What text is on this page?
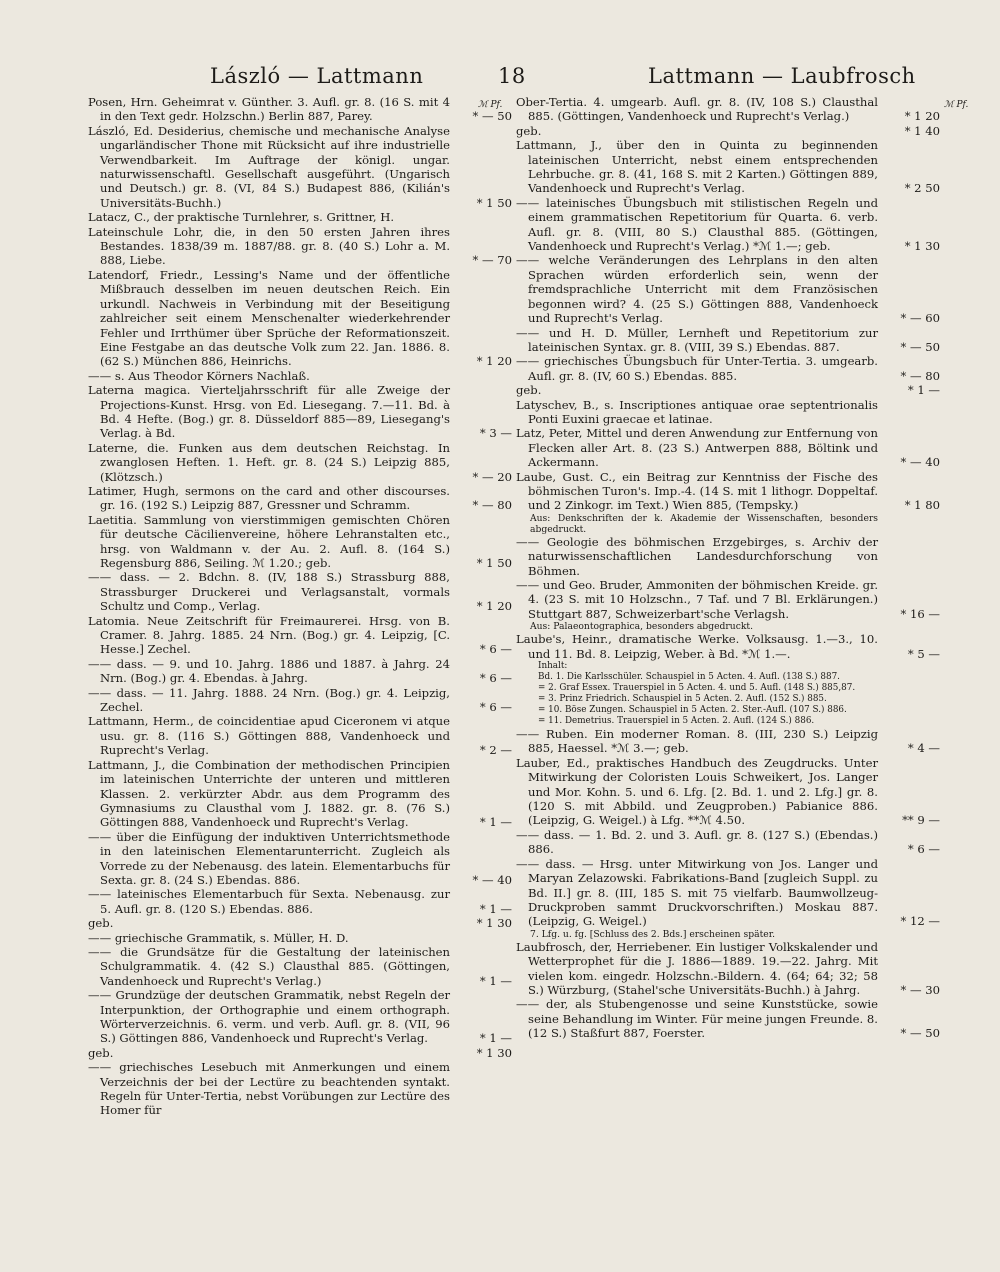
László — Lattmann	18	Lattmann — Laubfrosch
ℳ Pf.	ℳ Pf.
Posen, Hrn. Geheimrat v. Günther. 3. Aufl. gr. 8. (16 S. mit 4 in den Text gedr. Holzschn.) Berlin 887, Parey.	* — 50
Lászlό, Ed. Desiderius, chemische und mechanische Analyse ungarländischer Thone mit Rücksicht auf ihre industrielle Verwendbarkeit. Im Auftrage der königl. ungar. naturwissenschaftl. Gesellschaft ausgeführt. (Ungarisch und Deutsch.) gr. 8. (VI, 84 S.) Budapest 886, (Kilián's Universitäts-Buchh.)	* 1 50
Latacz, C., der praktische Turnlehrer, s. Grittner, H.
Lateinschule Lohr, die, in den 50 ersten Jahren ihres Bestandes. 1838/39 m. 1887/88. gr. 8. (40 S.) Lohr a. M. 888, Liebe.	* — 70
Latendorf, Friedr., Lessing's Name und der öffentliche Mißbrauch desselben im neuen deutschen Reich. Ein urkundl. Nachweis in Verbindung mit der Beseitigung zahlreicher seit einem Menschenalter wiederkehrender Fehler und Irrthümer über Sprüche der Reformationszeit. Eine Festgabe an das deutsche Volk zum 22. Jan. 1886. 8. (62 S.) München 886, Heinrichs.	* 1 20
—— s. Aus Theodor Körners Nachlaß.
Laterna magica. Vierteljahrsschrift für alle Zweige der Projections-Kunst. Hrsg. von Ed. Liesegang. 7.—11. Bd. à Bd. 4 Hefte. (Bog.) gr. 8. Düsseldorf 885—89, Liesegang's Verlag. à Bd.	* 3 —
Laterne, die. Funken aus dem deutschen Reichstag. In zwanglosen Heften. 1. Heft. gr. 8. (24 S.) Leipzig 885, (Klötzsch.)	* — 20
Latimer, Hugh, sermons on the card and other discourses. gr. 16. (192 S.) Leipzig 887, Gressner und Schramm.	* — 80
Laetitia. Sammlung von vierstimmigen gemischten Chören für deutsche Cäcilienvereine, höhere Lehranstalten etc., hrsg. von Waldmann v. der Au. 2. Aufl. 8. (164 S.) Regensburg 886, Seiling. ℳ 1.20.; geb.	* 1 50
—— dass. — 2. Bdchn. 8. (IV, 188 S.) Strassburg 888, Strassburger Druckerei und Verlagsanstalt, vormals Schultz und Comp., Verlag.	* 1 20
Latomia. Neue Zeitschrift für Freimaurerei. Hrsg. von B. Cramer. 8. Jahrg. 1885. 24 Nrn. (Bog.) gr. 4. Leipzig, [C. Hesse.] Zechel.	* 6 —
—— dass. — 9. und 10. Jahrg. 1886 und 1887. à Jahrg. 24 Nrn. (Bog.) gr. 4. Ebendas. à Jahrg.	* 6 —
—— dass. — 11. Jahrg. 1888. 24 Nrn. (Bog.) gr. 4. Leipzig, Zechel.	* 6 —
Lattmann, Herm., de coincidentiae apud Ciceronem vi atque usu. gr. 8. (116 S.) Göttingen 888, Vandenhoeck und Ruprecht's Verlag.	* 2 —
Lattmann, J., die Combination der methodischen Principien im lateinischen Unterrichte der unteren und mittleren Klassen. 2. verkürzter Abdr. aus dem Programm des Gymnasiums zu Clausthal vom J. 1882. gr. 8. (76 S.) Göttingen 888, Vandenhoeck und Ruprecht's Verlag.	* 1 —
—— über die Einfügung der induktiven Unterrichtsmethode in den lateinischen Elementarunterricht. Zugleich als Vorrede zu der Nebenausg. des latein. Elementarbuchs für Sexta. gr. 8. (24 S.) Ebendas. 886.	* — 40
—— lateinisches Elementarbuch für Sexta. Nebenausg. zur 5. Aufl. gr. 8. (120 S.) Ebendas. 886.	* 1 —
geb.	* 1 30
—— griechische Grammatik, s. Müller, H. D.
—— die Grundsätze für die Gestaltung der lateinischen Schulgrammatik. 4. (42 S.) Clausthal 885. (Göttingen, Vandenhoeck und Ruprecht's Verlag.)	* 1 —
—— Grundzüge der deutschen Grammatik, nebst Regeln der Interpunktion, der Orthographie und einem orthograph. Wörterverzeichnis. 6. verm. und verb. Aufl. gr. 8. (VII, 96 S.) Göttingen 886, Vandenhoeck und Ruprecht's Verlag.	* 1 —
geb.	* 1 30
—— griechisches Lesebuch mit Anmerkungen und einem Verzeichnis der bei der Lectüre zu beachtenden syntakt. Regeln für Unter-Tertia, nebst Vorübungen zur Lectüre des Homer für
Ober-Tertia. 4. umgearb. Aufl. gr. 8. (IV, 108 S.) Clausthal 885. (Göttingen, Vandenhoeck und Ruprecht's Verlag.)	* 1 20
geb.	* 1 40
Lattmann, J., über den in Quinta zu beginnenden lateinischen Unterricht, nebst einem entsprechenden Lehrbuche. gr. 8. (41, 168 S. mit 2 Karten.) Göttingen 889, Vandenhoeck und Ruprecht's Verlag.	* 2 50
—— lateinisches Übungsbuch mit stilistischen Regeln und einem grammatischen Repetitorium für Quarta. 6. verb. Aufl. gr. 8. (VIII, 80 S.) Clausthal 885. (Göttingen, Vandenhoeck und Ruprecht's Verlag.) *ℳ 1.—; geb.	* 1 30
—— welche Veränderungen des Lehrplans in den alten Sprachen würden erforderlich sein, wenn der fremdsprachliche Unterricht mit dem Französischen begonnen wird? 4. (25 S.) Göttingen 888, Vandenhoeck und Ruprecht's Verlag.	* — 60
—— und H. D. Müller, Lernheft und Repetitorium zur lateinischen Syntax. gr. 8. (VIII, 39 S.) Ebendas. 887.	* — 50
—— griechisches Übungsbuch für Unter-Tertia. 3. umgearb. Aufl. gr. 8. (IV, 60 S.) Ebendas. 885.	* — 80
geb.	* 1 —
Latyschev, B., s. Inscriptiones antiquae orae septentrionalis Ponti Euxini graecae et latinae.
Latz, Peter, Mittel und deren Anwendung zur Entfernung von Flecken aller Art. 8. (23 S.) Antwerpen 888, Böltink und Ackermann.	* — 40
Laube, Gust. C., ein Beitrag zur Kenntniss der Fische des böhmischen Turon's. Imp.-4. (14 S. mit 1 lithogr. Doppeltaf. und 2 Zinkogr. im Text.) Wien 885, (Tempsky.)	* 1 80
Aus: Denkschriften der k. Akademie der Wissenschaften, besonders abgedruckt.
—— Geologie des böhmischen Erzgebirges, s. Archiv der naturwissenschaftlichen Landesdurchforschung von Böhmen.
—— und Geo. Bruder, Ammoniten der böhmischen Kreide. gr. 4. (23 S. mit 10 Holzschn., 7 Taf. und 7 Bl. Erklärungen.) Stuttgart 887, Schweizerbart'sche Verlagsh.	* 16 —
Aus: Palaeontographica, besonders abgedruckt.
Laube's, Heinr., dramatische Werke. Volksausg. 1.—3., 10. und 11. Bd. 8. Leipzig, Weber. à Bd. *ℳ 1.—.	* 5 —
Inhalt:
Bd. 1. Die Karlsschüler. Schauspiel in 5 Acten. 4. Aufl. (138 S.) 887.
= 2. Graf Essex. Trauerspiel in 5 Acten. 4. und 5. Aufl. (148 S.) 885,87.
= 3. Prinz Friedrich. Schauspiel in 5 Acten. 2. Aufl. (152 S.) 885.
= 10. Böse Zungen. Schauspiel in 5 Acten. 2. Ster.-Aufl. (107 S.) 886.
= 11. Demetrius. Trauerspiel in 5 Acten. 2. Aufl. (124 S.) 886.
—— Ruben. Ein moderner Roman. 8. (III, 230 S.) Leipzig 885, Haessel. *ℳ 3.—; geb.	* 4 —
Lauber, Ed., praktisches Handbuch des Zeugdrucks. Unter Mitwirkung der Coloristen Louis Schweikert, Jos. Langer und Mor. Kohn. 5. und 6. Lfg. [2. Bd. 1. und 2. Lfg.] gr. 8. (120 S. mit Abbild. und Zeugproben.) Pabianice 886. (Leipzig, G. Weigel.) à Lfg. **ℳ 4.50.	** 9 —
—— dass. — 1. Bd. 2. und 3. Aufl. gr. 8. (127 S.) (Ebendas.) 886.	* 6 —
—— dass. — Hrsg. unter Mitwirkung von Jos. Langer und Maryan Zelazowski. Fabrikations-Band [zugleich Suppl. zu Bd. II.] gr. 8. (III, 185 S. mit 75 vielfarb. Baumwollzeug-Druckproben sammt Druckvorschriften.) Moskau 887. (Leipzig, G. Weigel.)	* 12 —
7. Lfg. u. fg. [Schluss des 2. Bds.] erscheinen später.
Laubfrosch, der, Herriebener. Ein lustiger Volkskalender und Wetterprophet für die J. 1886—1889. 19.—22. Jahrg. Mit vielen kom. eingedr. Holzschn.-Bildern. 4. (64; 64; 32; 58 S.) Würzburg, (Stahel'sche Universitäts-Buchh.) à Jahrg.	* — 30
—— der, als Stubengenosse und seine Kunststücke, sowie seine Behandlung im Winter. Für meine jungen Freunde. 8. (12 S.) Staßfurt 887, Foerster.	* — 50
